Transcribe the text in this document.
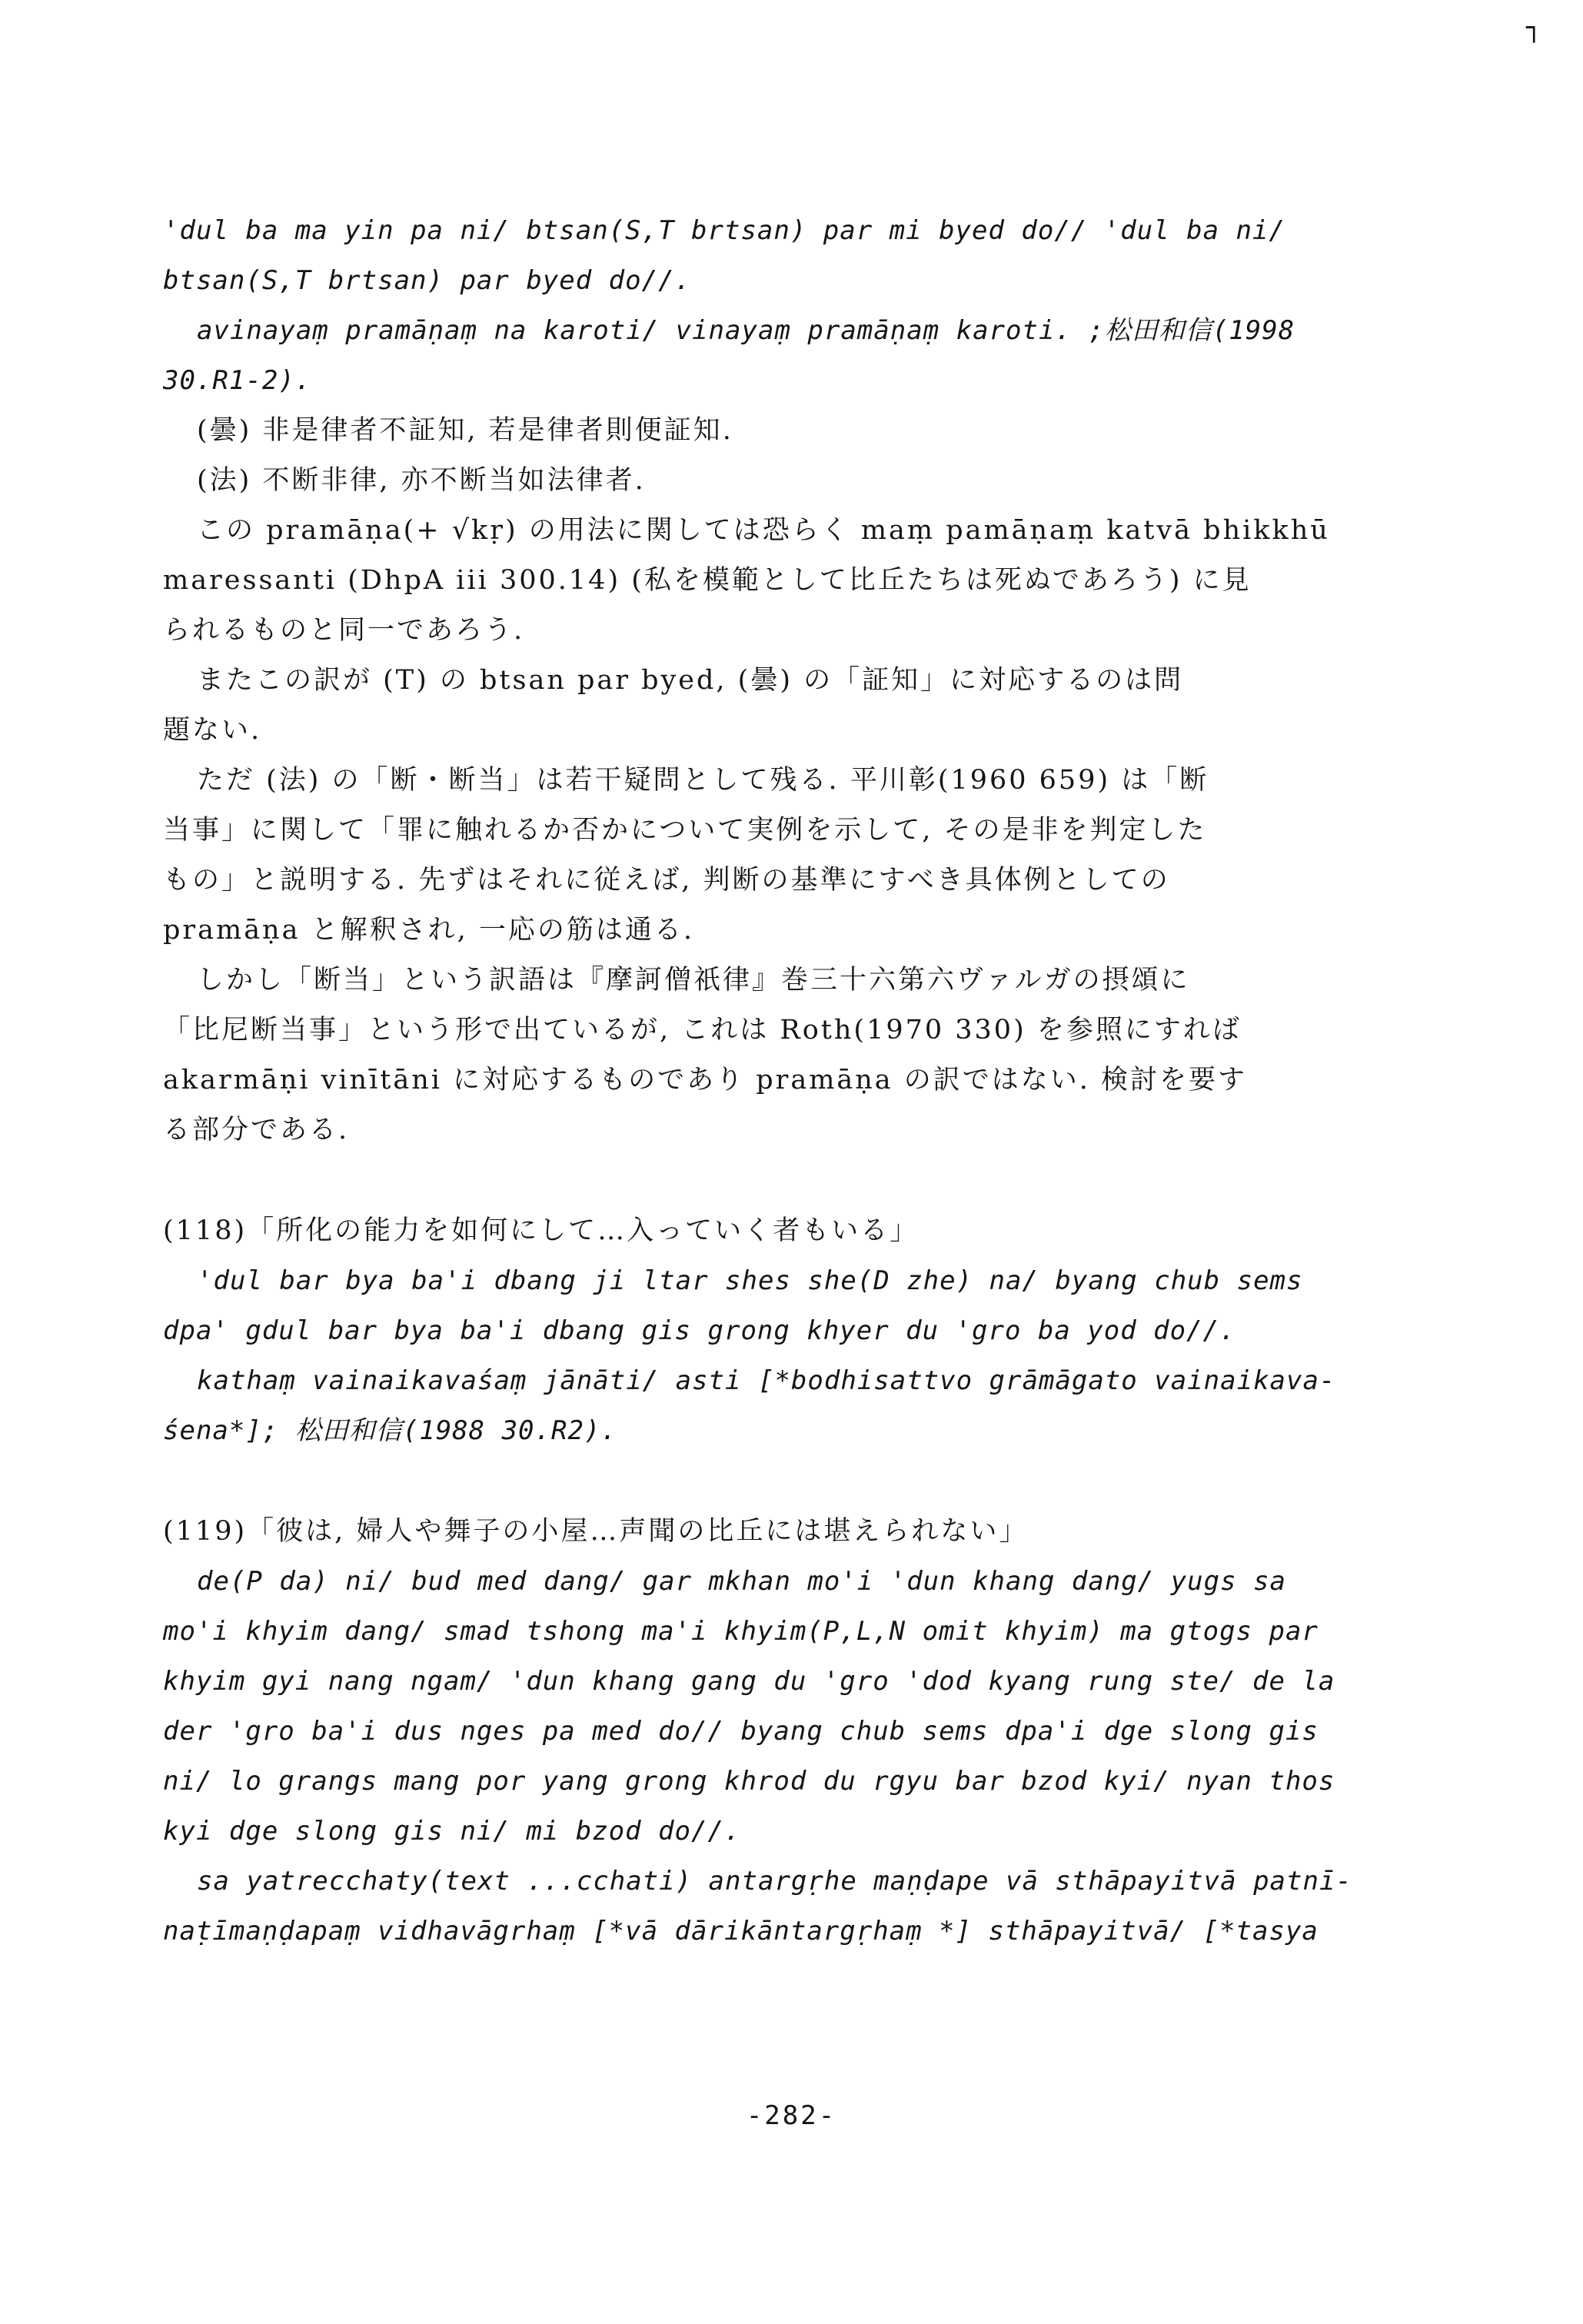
┐
'dul ba ma yin pa ni/ btsan(S,T brtsan) par mi byed do// 'dul ba ni/
btsan(S,T brtsan) par byed do//.
avinayaṃ pramāṇaṃ na karoti/ vinayaṃ pramāṇaṃ karoti. ;松田和信(1998
30.R1-2).
(曇) 非是律者不証知, 若是律者則便証知.
(法) 不断非律, 亦不断当如法律者.
この pramāṇa(+ √kṛ) の用法に関しては恐らく maṃ pamāṇaṃ katvā bhikkhū
maressanti (DhpA iii 300.14) (私を模範として比丘たちは死ぬであろう) に見
られるものと同一であろう.
またこの訳が (T) の btsan par byed, (曇) の「証知」に対応するのは問
題ない.
ただ (法) の「断・断当」は若干疑問として残る. 平川彰(1960 659) は「断
当事」に関して「罪に触れるか否かについて実例を示して, その是非を判定した
もの」と説明する. 先ずはそれに従えば, 判断の基準にすべき具体例としての
pramāṇa と解釈され, 一応の筋は通る.
しかし「断当」という訳語は『摩訶僧祇律』巻三十六第六ヴァルガの摂頌に
「比尼断当事」という形で出ているが, これは Roth(1970 330) を参照にすれば
akarmāṇi vinītāni に対応するものであり pramāṇa の訳ではない. 検討を要す
る部分である.
(118)「所化の能力を如何にして…入っていく者もいる」
'dul bar bya ba'i dbang ji ltar shes she(D zhe) na/ byang chub sems
dpa' gdul bar bya ba'i dbang gis grong khyer du 'gro ba yod do//.
kathaṃ vainaikavaśaṃ jānāti/ asti [*bodhisattvo grāmāgato vainaikava-
śena*]; 松田和信(1988 30.R2).
(119)「彼は, 婦人や舞子の小屋…声聞の比丘には堪えられない」
de(P da) ni/ bud med dang/ gar mkhan mo'i 'dun khang dang/ yugs sa
mo'i khyim dang/ smad tshong ma'i khyim(P,L,N omit khyim) ma gtogs par
khyim gyi nang ngam/ 'dun khang gang du 'gro 'dod kyang rung ste/ de la
der 'gro ba'i dus nges pa med do// byang chub sems dpa'i dge slong gis
ni/ lo grangs mang por yang grong khrod du rgyu bar bzod kyi/ nyan thos
kyi dge slong gis ni/ mi bzod do//.
sa yatrecchaty(text ...cchati) antargṛhe maṇḍape vā sthāpayitvā patnī-
naṭīmaṇḍapaṃ vidhavāgrhaṃ [*vā dārikāntargṛhaṃ *] sthāpayitvā/ [*tasya
-282-
